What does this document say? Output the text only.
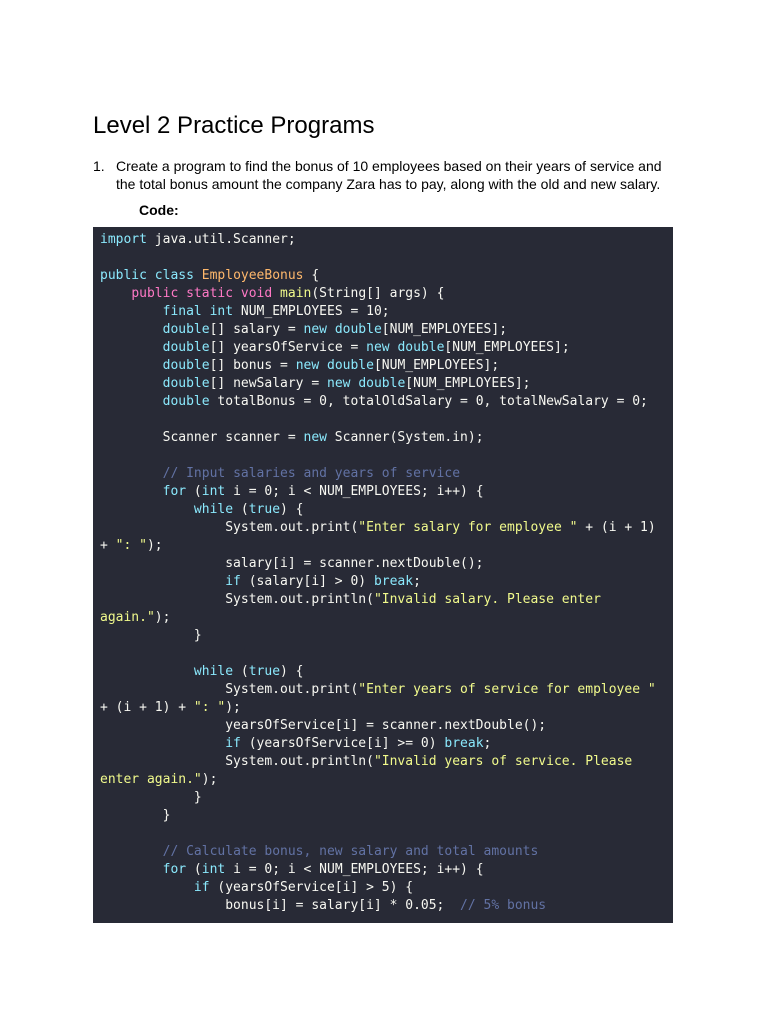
Level 2 Practice Programs
1. Create a program to find the bonus of 10 employees based on their years of service and the total bonus amount the company Zara has to pay, along with the old and new salary.
Code:
import java.util.Scanner;

public class EmployeeBonus {
public static void main(String[] args) {
final int NUM_EMPLOYEES = 10;
double[] salary = new double[NUM_EMPLOYEES];
double[] yearsOfService = new double[NUM_EMPLOYEES];
double[] bonus = new double[NUM_EMPLOYEES];
double[] newSalary = new double[NUM_EMPLOYEES];
double totalBonus = 0, totalOldSalary = 0, totalNewSalary = 0;

Scanner scanner = new Scanner(System.in);

// Input salaries and years of service
for (int i = 0; i < NUM_EMPLOYEES; i++) {
while (true) {
System.out.print("Enter salary for employee " + (i + 1)
+ ": ");
salary[i] = scanner.nextDouble();
if (salary[i] > 0) break;
System.out.println("Invalid salary. Please enter
again.");
}

while (true) {
System.out.print("Enter years of service for employee "
+ (i + 1) + ": ");
yearsOfService[i] = scanner.nextDouble();
if (yearsOfService[i] >= 0) break;
System.out.println("Invalid years of service. Please
enter again.");
}
}

// Calculate bonus, new salary and total amounts
for (int i = 0; i < NUM_EMPLOYEES; i++) {
if (yearsOfService[i] > 5) {
bonus[i] = salary[i] * 0.05;  // 5% bonus
